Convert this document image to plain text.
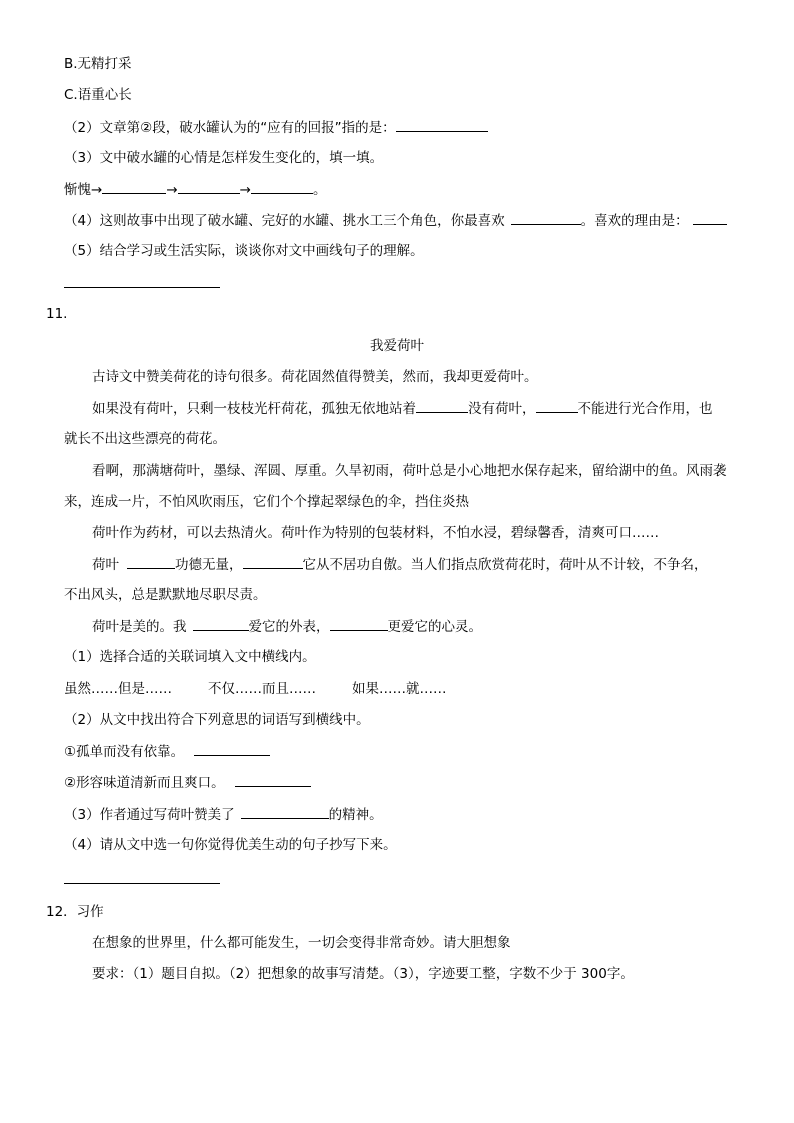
B.无精打采
C.语重心长
（2）文章第②段，破水罐认为的“应有的回报”指的是：
（3）文中破水罐的心情是怎样发生变化的，填一填。
惭愧→	→	→	。
（4）这则故事中出现了破水罐、完好的水罐、挑水工三个角色，你最喜欢	。喜欢的理由是：
（5）结合学习或生活实际，谈谈你对文中画线句子的理解。
11.
我爱荷叶
古诗文中赞美荷花的诗句很多。荷花固然值得赞美，然而，我却更爱荷叶。
如果没有荷叶，只剩一枝枝光杆荷花，孤独无依地站着	没有荷叶，	不能进行光合作用，也
就长不出这些漂亮的荷花。
看啊，那满塘荷叶，墨绿、浑圆、厚重。久旱初雨，荷叶总是小心地把水保存起来，留给湖中的鱼。风雨袭
来，连成一片，不怕风吹雨压，它们个个撑起翠绿色的伞，挡住炎热
荷叶作为药材，可以去热清火。荷叶作为特别的包装材料，不怕水浸，碧绿馨香，清爽可口……
荷叶	功德无量，	它从不居功自傲。当人们指点欣赏荷花时，荷叶从不计较，不争名，
不出风头，总是默默地尽职尽责。
荷叶是美的。我	爱它的外表，	更爱它的心灵。
（1）选择合适的关联词填入文中横线内。
虽然……但是……	不仅……而且……	如果……就……
（2）从文中找出符合下列意思的词语写到横线中。
①孤单而没有依靠。
②形容味道清新而且爽口。
（3）作者通过写荷叶赞美了	的精神。
（4）请从文中选一句你觉得优美生动的句子抄写下来。
12．习作
在想象的世界里，什么都可能发生，一切会变得非常奇妙。请大胆想象
要求：（1）题目自拟。（2）把想象的故事写清楚。（3），字迹要工整，字数不少于 300字。
